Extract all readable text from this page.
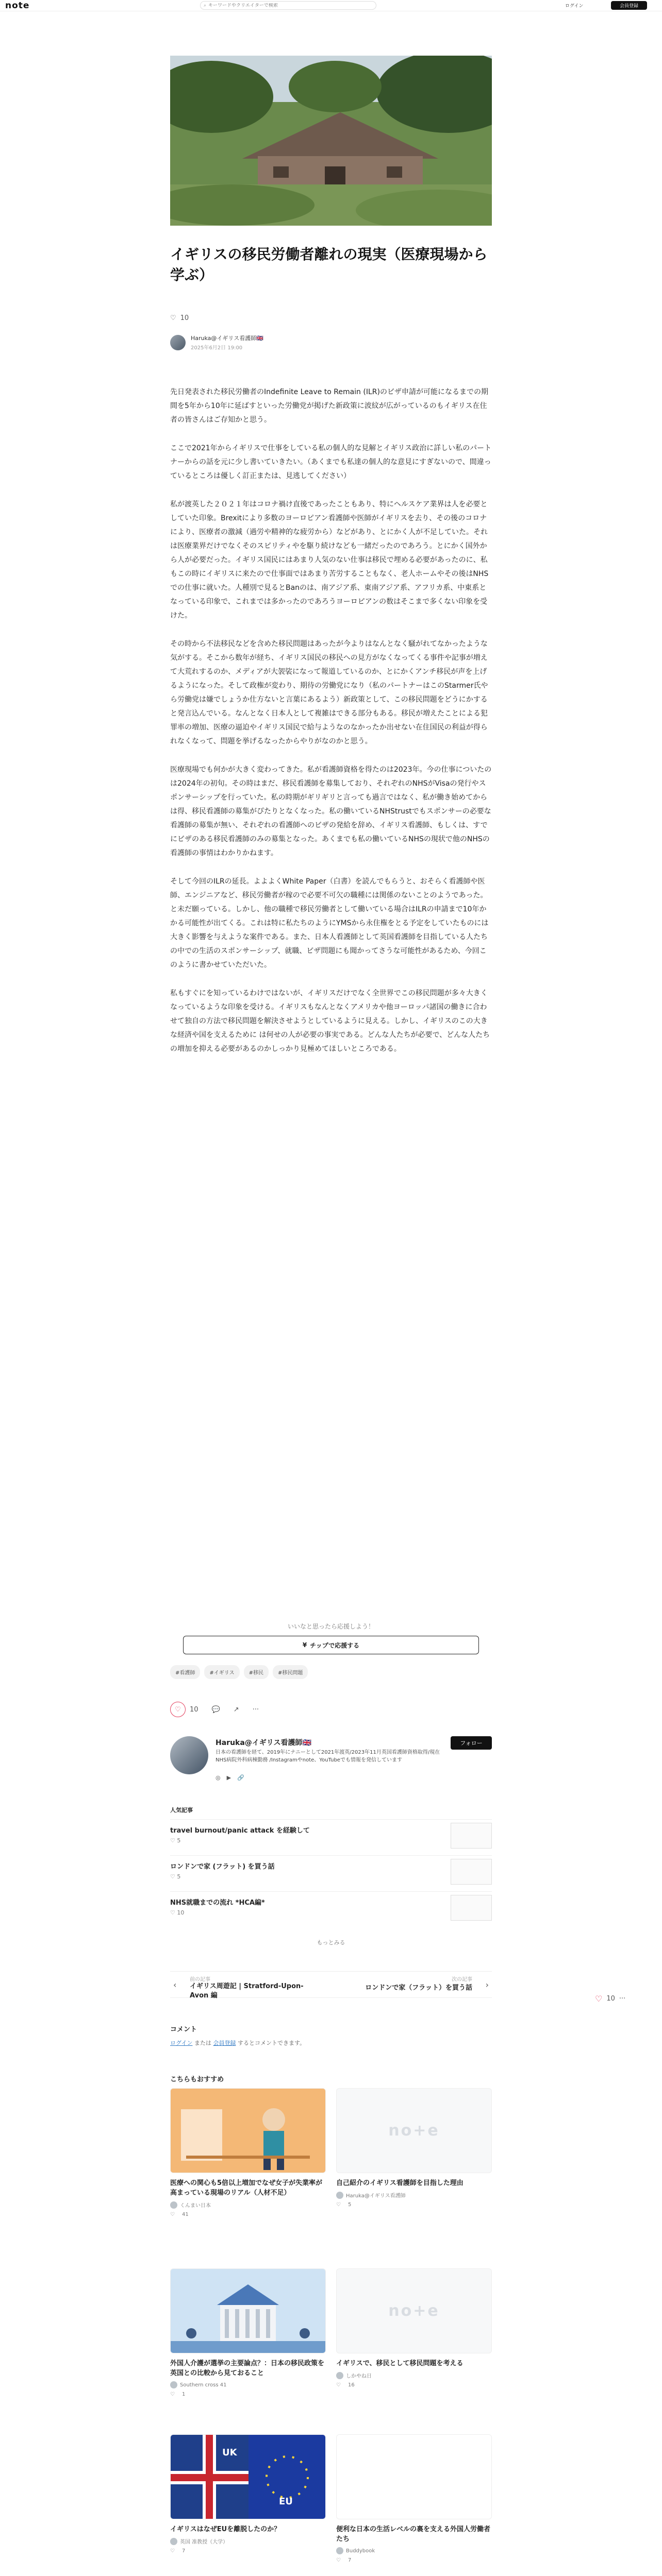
note	⌕
キーワードやクリエイターで検索	ログイン	会員登録
イギリスの移民労働者離れの現実（医療現場から学ぶ）
♡ 10
Haruka@イギリス看護師🇬🇧
2025年6月2日 19:00

先日発表された移民労働者のIndefinite Leave to Remain (ILR)のビザ申請が可能になるまでの期間を5年から10年に延ばすといった労働党が掲げた新政策に波紋が広がっているのもイギリス在住者の皆さんはご存知かと思う。

ここで2021年からイギリスで仕事をしている私の個人的な見解とイギリス政治に詳しい私のパートナーからの話を元に少し書いていきたい。（あくまでも私達の個人的な意見にすぎないので、間違っているところは優しく訂正または、見逃してください）

私が渡英した２０２１年はコロナ禍け直後であったこともあり、特にヘルスケア業界は人を必要としていた印象。Brexitにより多数のヨーロピアン看護師や医師がイギリスを去り、その後のコロナにより、医療者の激減（過労や精神的な疲労から）などがあり、とにかく人が不足していた。それは医療業界だけでなくそのスピリティやを駆り続けなども一緒だったのであろう。とにかく国外から人が必要だった。イギリス国民にはあまり人気のない仕事は移民で埋める必要があったのに、私もこの時にイギリスに来たので仕事面ではあまり苦労することもなく、老人ホームやその後はNHSでの仕事に就いた。人種別で見るとBanのは、南アジア系、東南アジア系、アフリカ系、中東系となっている印象で、これまでは多かったのであろうヨーロピアンの数はそこまで多くない印象を受けた。

その時から不法移民などを含めた移民問題はあったが今よりはなんとなく騒がれてなかったような気がする。そこから数年が経ち、イギリス国民の移民への見方がなくなってくる事件や記事が増えて大荒れするのか、メディアが大袈裟になって報道しているのか、とにかくアンチ移民が声を上げるようになった。そして政権が変わり、期待の労働党になり（私のパートナーはこのStarmer氏やら労働党は嫌でしょうか仕方ないと言葉にあるよう）新政策として、この移民問題をどうにかすると発言込んでいる。なんとなく日本人として複雑はできる部分もある。移民が増えたことによる犯罪率の増加、医療の逼迫やイギリス国民で給与ようなのなかったか出せない在住国民の利益が得られなくなって、問題を挙げるなったからやりがなのかと思う。

医療現場でも何かが大きく変わってきた。私が看護師資格を得たのは2023年。今の仕事についたのは2024年の初旬。その時はまだ、移民看護師を募集しており、それぞれのNHSがVisaの発行やスポンサーシップを行っていた。私の時期がギリギリと言っても過言ではなく、私が働き始めてからは得、移民看護師の募集がぴたりとなくなった。私の働いているNHStrustでもスポンサーの必要な看護師の募集が無い、それぞれの看護師へのビザの発給を辞め、イギリス看護師、もしくは、すでにビザのある移民看護師のみの募集となった。あくまでも私の働いているNHSの現状で他のNHSの看護師の事情はわかりかねます。

そして今回のILRの延長。よよよくWhite Paper（白書）を読んでもらうと、おそらく看護師や医師、エンジニアなど、移民労働者が稼ので必要不可欠の職種には関係のないことのようであった。と未だ願っている。しかし、他の職種で移民労働者として働いている場合はILRの申請まで10年かかる可能性が出てくる。これは特に私たちのようにYMSから永住権をとる予定をしていたものには大きく影響を与えような案件である。また、日本人看護師として英国看護師を目指している人たちの中での生活のスポンサーシップ、就職、ビザ問題にも聞かってさうな可能性があるため、今回このように書かせていただいた。

私もすぐにを知っているわけではないが、イギリスだけでなく全世界でこの移民問題が多々大きくなっているような印象を受ける。イギリスもなんとなくアメリカや他ヨーロッパ諸国の働きに合わせて独自の方法で移民問題を解決させようとしているように見える。しかし、イギリスのこの大きな経済や国を支えるために は何せの人が必要の事実である。どんな人たちが必要で、どんな人たちの増加を抑える必要があるのかしっかり見極めてほしいところである。

いいなと思ったら応援しよう！
¥ チップで応援する
#看護師	#イギリス	#移民	#移民問題
♡ 10 💬 ↗ ···
Haruka@イギリス看護師🇬🇧
日本の看護師を経て、2019年にナニーとして2021年渡英/2023年11月英国看護師資格取得/現在NHS病院外科病棟勤務 /Instagramやnote、YouTubeでも情報を発信しています
フォロー
◎ ▶ 🔗
人気記事
travel burnout/panic attack を経験して
♡ 5
ロンドンで家 (フラット) を買う話
♡ 5
NHS就職までの流れ *HCA編*
♡ 10
もっとみる
‹
前の記事
イギリス周遊記 | Stratford-Upon-Avon 編
次の記事
ロンドンで家（フラット）を買う話 ›
♡ 10 ···
コメント
ログイン または 会員登録 するとコメントできます。
こちらもおすすめ
医療への関心も5倍以上増加でなぜ女子が失業率が高まっている現場のリアル（人材不足）
くんまい日本
♡ 41
no+e
自己紹介のイギリス看護師を目指した理由
Haruka@イギリス看護師
♡ 5
外国人介護が選挙の主要論点？：日本の移民政策を英国との比較から見ておること
Southern cross 41
♡ 1
no+e
イギリスで、移民として移民問題を考える
しかやね日
♡ 16
UK
EU
イギリスはなぜEUを離脱したのか？
英国 准教授（大学）
♡ 7
便利な日本の生活レベルの裏を支える外国人労働者たち
Buddybook
♡ 7
